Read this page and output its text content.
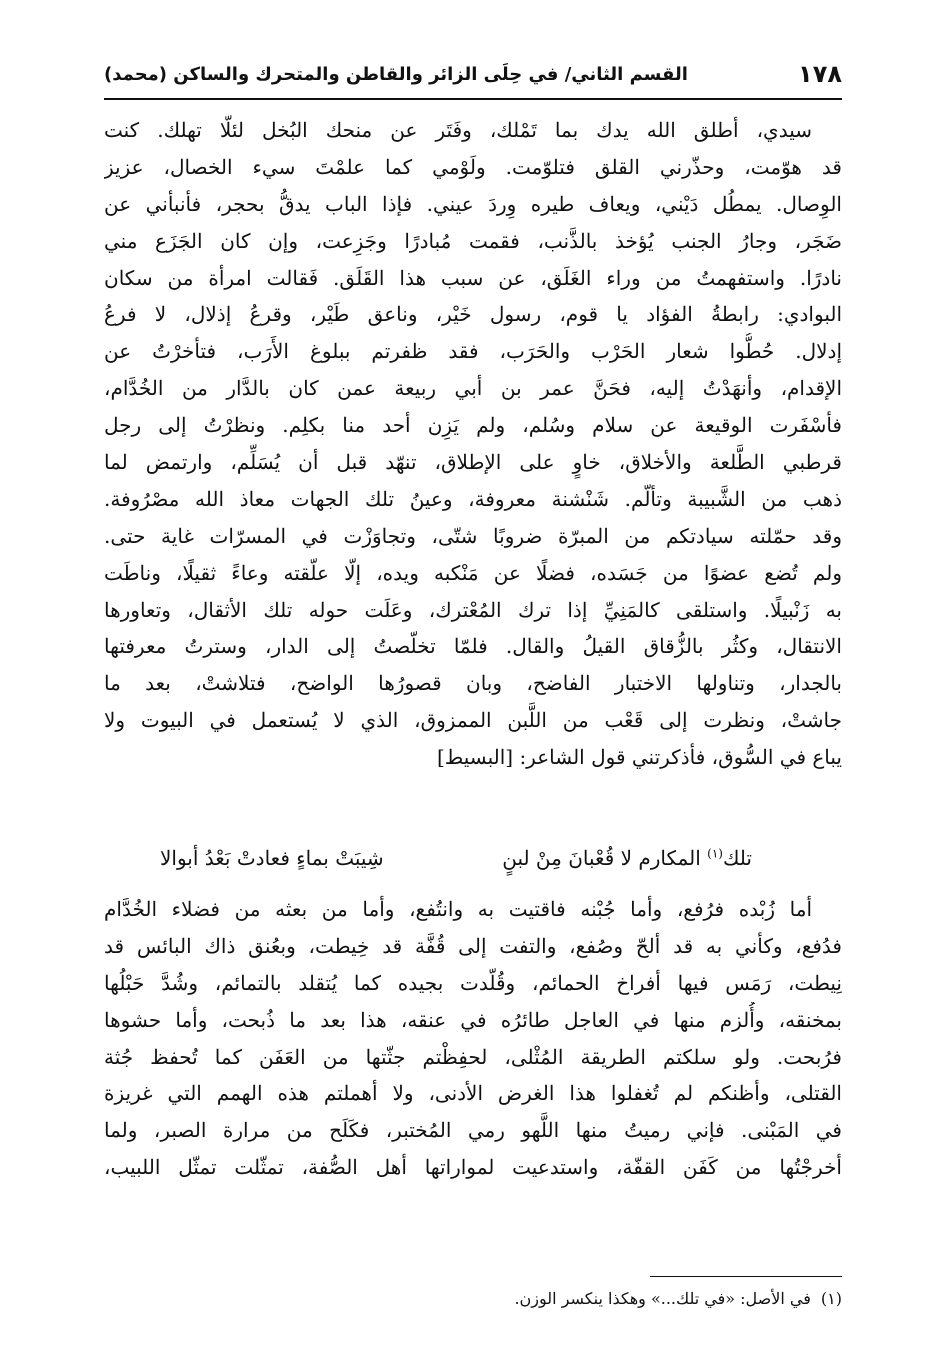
١٧٨
القسم الثاني/ في حِلَى الزائر والقاطن والمتحرك والساكن (محمد)
سيدي، أطلق الله يدك بما تَمْلك، وفَتَر عن منحك البُخل لئلّا تهلك. كنت
قد هوّمت، وحذّرني القلق فتلوّمت. ولَوْمي كما علمْتَ سيء الخصال، عزيز
الوِصال. يمطُل دَيْني، ويعاف طيره وِردَ عيني. فإذا الباب يدقُّ بحجر، فأنبأني عن
ضَجَر، وجارُ الجنب يُؤخذ بالذَّنب، فقمت مُبادرًا وجَزِعت، وإن كان الجَزَع مني
نادرًا. واستفهمتُ من وراء الغَلَق، عن سبب هذا القَلَق. فَقالت امرأة من سكان
البوادي: رابطةُ الفؤاد يا قوم، رسول خَيْر، وناعق طَيْر، وقرعُ إذلال، لا فرعُ
إدلال. حُطُّوا شعار الحَرْب والحَرَب، فقد ظفرتم ببلوغ الأَرَب، فتأخرْتُ عن
الإقدام، وأنهَدْتُ إليه، فحَنَّ عمر بن أبي ربيعة عمن كان بالدَّار من الخُدَّام،
فأسْفَرت الوقيعة عن سلام وسُلم، ولم يَزِن أحد منا بكلِم. ونظرْتُ إلى رجل
قرطبي الطَّلعة والأخلاق، خاوٍ على الإطلاق، تنهّد قبل أن يُسَلِّم، وارتمض لما
ذهب من الشَّبيبة وتألّم. شَنْشنة معروفة، وعينُ تلك الجهات معاذ الله مصْرُوفة.
وقد حمّلته سيادتكم من المبرّة ضروبًا شتّى، وتجاوَزْت في المسرّات غاية حتى.
ولم تُضع عضوًا من جَسَده، فضلًا عن مَنْكبه ويده، إلّا علّقته وعاءً ثقيلًا، وناطَت
به زَنْبيلًا. واستلقى كالمَنِيِّ إذا ترك المُعْترك، وعَلَت حوله تلك الأثقال، وتعاورها
الانتقال، وكثُر بالزُّقاق القيلُ والقال. فلمّا تخلّصتُ إلى الدار، وسترتُ معرفتها
بالجدار، وتناولها الاختبار الفاضح، وبان قصورُها الواضح، فتلاشتْ، بعد ما
جاشتْ، ونظرت إلى قَعْب من اللَّبن الممزوق، الذي لا يُستعمل في البيوت ولا
يباع في السُّوق، فأذكرتني قول الشاعر: [البسيط]
تلك$^{(١)}$ المكارم لا قُعْبانَ مِنْ لبنٍ
شِيبَتْ بماءٍ فعادتْ بَعْدُ أبوالا
أما زُبْده فرُفع، وأما جُبْنه فاقتيت به وانتُفع، وأما من بعثه من فضلاء الخُدَّام
فدُفع، وكأني به قد ألحّ وصُفع، والتفت إلى قُفَّة قد خِيطت، وبعُنق ذاك البائس قد
نِيطت، رَمَس فيها أفراخ الحمائم، وقُلّدت بجيده كما يُتقلد بالتمائم، وشُدَّ حَبْلُها
بمخنقه، وأُلزم منها في العاجل طائرُه في عنقه، هذا بعد ما ذُبحت، وأما حشوها
فرُبحت. ولو سلكتم الطريقة المُثْلى، لحفِظْتم جثّتها من العَفَن كما تُحفظ جُثة
القتلى، وأظنكم لم تُغفلوا هذا الغرض الأدنى، ولا أهملتم هذه الهمم التي غريزة
في المَبْنى. فإني رميتُ منها اللَّهو رمي المُختبر، فكَلَح من مرارة الصبر، ولما
أخرجْتُها من كَفَن القفّة، واستدعيت لمواراتها أهل الصُّفة، تمثّلت تمثّل اللبيب،
(١)في الأصل: «في تلك...» وهكذا ينكسر الوزن.
